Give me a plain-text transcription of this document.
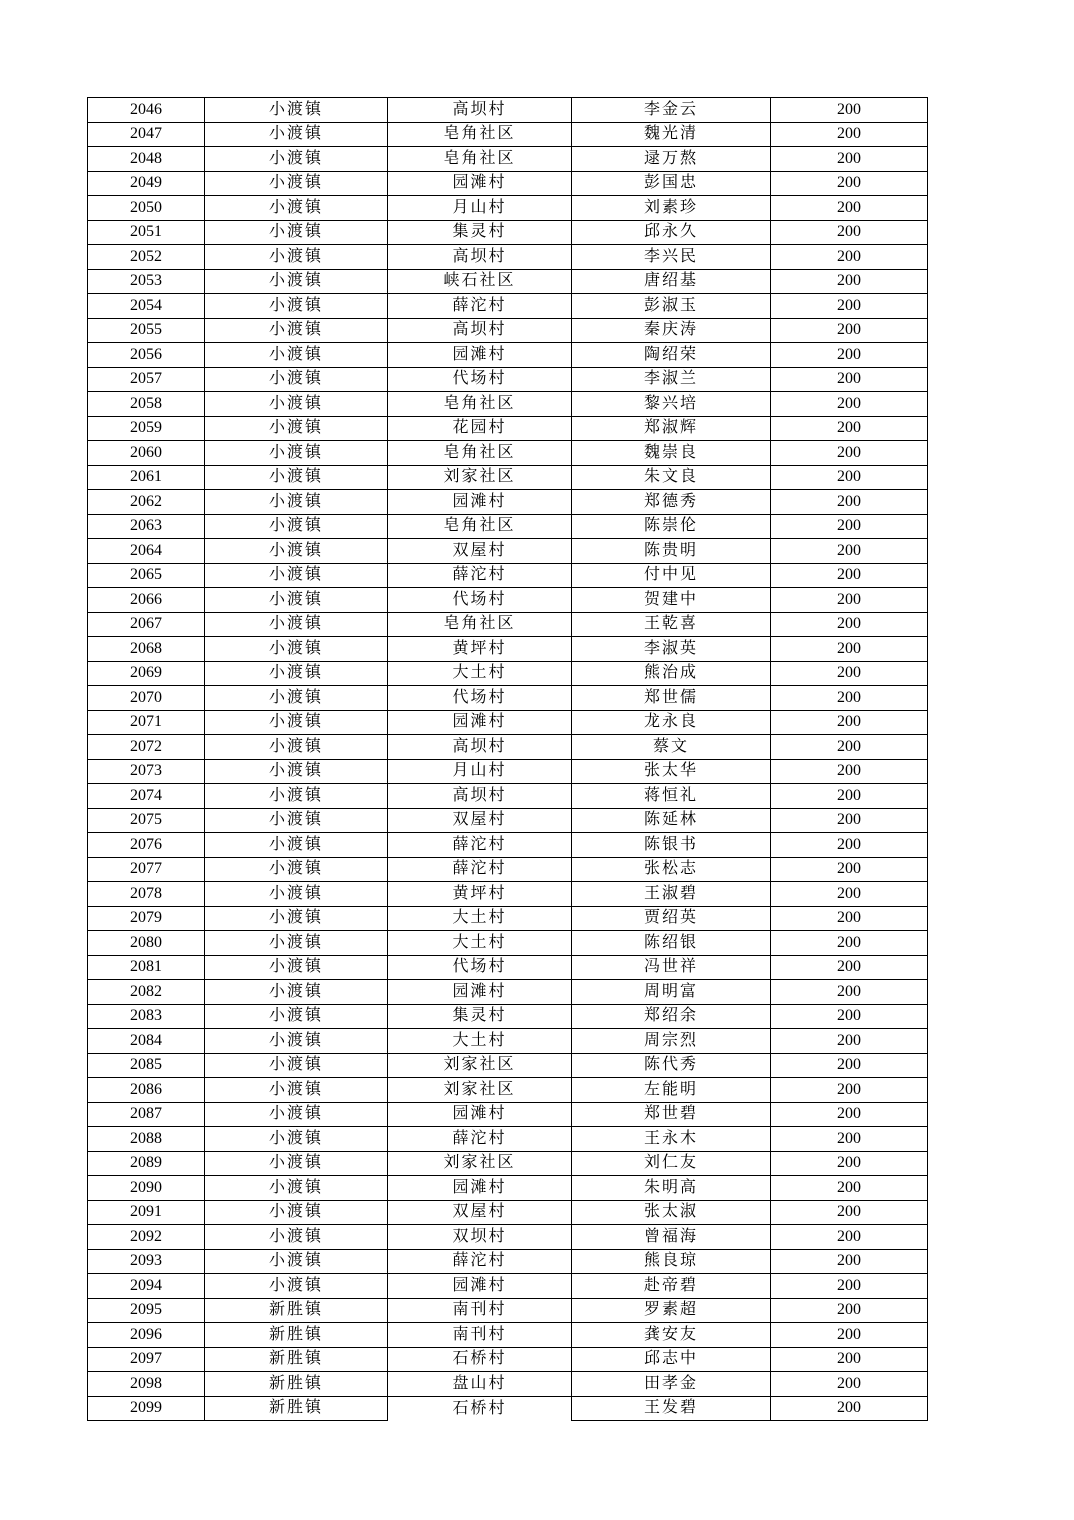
2046	小渡镇	高坝村	李金云	200
2047	小渡镇	皂角社区	魏光清	200
2048	小渡镇	皂角社区	逯万熬	200
2049	小渡镇	园滩村	彭国忠	200
2050	小渡镇	月山村	刘素珍	200
2051	小渡镇	集灵村	邱永久	200
2052	小渡镇	高坝村	李兴民	200
2053	小渡镇	峡石社区	唐绍基	200
2054	小渡镇	薛沱村	彭淑玉	200
2055	小渡镇	高坝村	秦庆涛	200
2056	小渡镇	园滩村	陶绍荣	200
2057	小渡镇	代场村	李淑兰	200
2058	小渡镇	皂角社区	黎兴培	200
2059	小渡镇	花园村	郑淑辉	200
2060	小渡镇	皂角社区	魏崇良	200
2061	小渡镇	刘家社区	朱文良	200
2062	小渡镇	园滩村	郑德秀	200
2063	小渡镇	皂角社区	陈崇伦	200
2064	小渡镇	双屋村	陈贵明	200
2065	小渡镇	薛沱村	付中见	200
2066	小渡镇	代场村	贺建中	200
2067	小渡镇	皂角社区	王乾喜	200
2068	小渡镇	黄坪村	李淑英	200
2069	小渡镇	大土村	熊治成	200
2070	小渡镇	代场村	郑世儒	200
2071	小渡镇	园滩村	龙永良	200
2072	小渡镇	高坝村	蔡文	200
2073	小渡镇	月山村	张太华	200
2074	小渡镇	高坝村	蒋恒礼	200
2075	小渡镇	双屋村	陈延林	200
2076	小渡镇	薛沱村	陈银书	200
2077	小渡镇	薛沱村	张松志	200
2078	小渡镇	黄坪村	王淑碧	200
2079	小渡镇	大土村	贾绍英	200
2080	小渡镇	大土村	陈绍银	200
2081	小渡镇	代场村	冯世祥	200
2082	小渡镇	园滩村	周明富	200
2083	小渡镇	集灵村	郑绍余	200
2084	小渡镇	大土村	周宗烈	200
2085	小渡镇	刘家社区	陈代秀	200
2086	小渡镇	刘家社区	左能明	200
2087	小渡镇	园滩村	郑世碧	200
2088	小渡镇	薛沱村	王永木	200
2089	小渡镇	刘家社区	刘仁友	200
2090	小渡镇	园滩村	朱明高	200
2091	小渡镇	双屋村	张太淑	200
2092	小渡镇	双坝村	曾福海	200
2093	小渡镇	薛沱村	熊良琼	200
2094	小渡镇	园滩村	赴帝碧	200
2095	新胜镇	南刊村	罗素超	200
2096	新胜镇	南刊村	龚安友	200
2097	新胜镇	石桥村	邱志中	200
2098	新胜镇	盘山村	田孝金	200
2099	新胜镇	石桥村	王发碧	200
